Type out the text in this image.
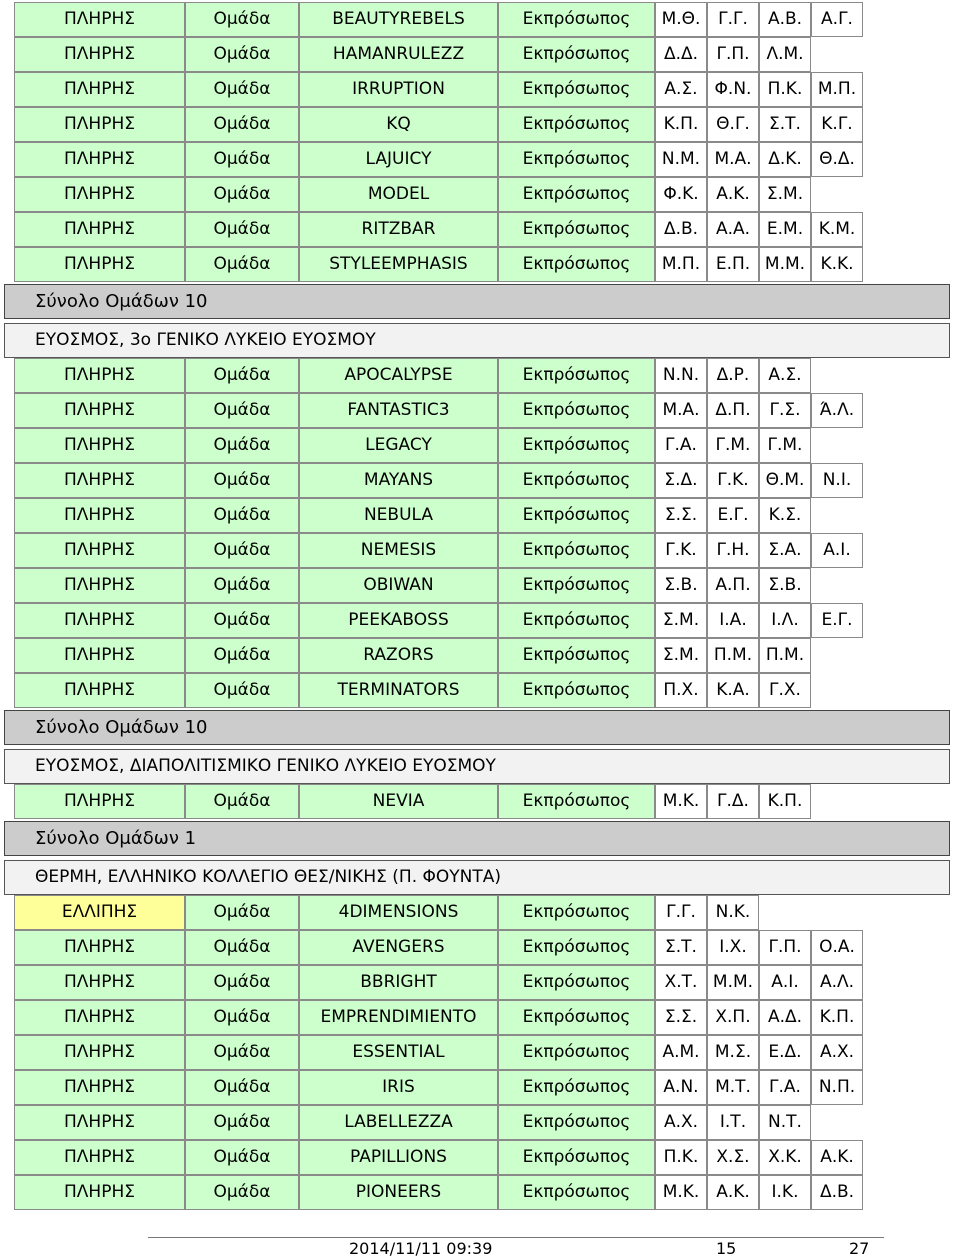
ΠΛΗΡΗΣ	Ομάδα	BEAUTYREBELS	Εκπρόσωπος	Μ.Θ.	Γ.Γ.	Α.Β.	Α.Γ.
ΠΛΗΡΗΣ	Ομάδα	HAMANRULEZZ	Εκπρόσωπος	Δ.Δ.	Γ.Π. Λ.Μ.
ΠΛΗΡΗΣ	Ομάδα	IRRUPTION	Εκπρόσωπος	Α.Σ. Φ.Ν. Π.Κ. Μ.Π.
ΠΛΗΡΗΣ	Ομάδα	KQ	Εκπρόσωπος	Κ.Π.	Θ.Γ.	Σ.Τ.	Κ.Γ.
ΠΛΗΡΗΣ	Ομάδα	LAJUICY	Εκπρόσωπος	Ν.Μ. Μ.Α. Δ.Κ.	Θ.Δ.
ΠΛΗΡΗΣ	Ομάδα	MODEL	Εκπρόσωπος	Φ.Κ.	Α.Κ.	Σ.Μ.
ΠΛΗΡΗΣ	Ομάδα	RITZBAR	Εκπρόσωπος	Δ.Β.	Α.Α. Ε.Μ. Κ.Μ.
ΠΛΗΡΗΣ	Ομάδα	STYLEEMPHASIS	Εκπρόσωπος	Μ.Π. Ε.Π. Μ.Μ. Κ.Κ.
Σύνολο Ομάδων 10
ΕΥΟΣΜΟΣ, 3ο ΓΕΝΙΚΟ ΛΥΚΕΙΟ ΕΥΟΣΜΟΥ
ΠΛΗΡΗΣ	Ομάδα	APOCALYPSE	Εκπρόσωπος	Ν.Ν.	Δ.Ρ.	Α.Σ.
ΠΛΗΡΗΣ	Ομάδα	FANTASTIC3	Εκπρόσωπος	Μ.Α. Δ.Π.	Γ.Σ.	Ά.Λ.
ΠΛΗΡΗΣ	Ομάδα	LEGACY	Εκπρόσωπος	Γ.Α.	Γ.Μ.	Γ.Μ.
ΠΛΗΡΗΣ	Ομάδα	MAYANS	Εκπρόσωπος	Σ.Δ.	Γ.Κ. Θ.Μ.	Ν.Ι.
ΠΛΗΡΗΣ	Ομάδα	NEBULA	Εκπρόσωπος	Σ.Σ.	Ε.Γ.	Κ.Σ.
ΠΛΗΡΗΣ	Ομάδα	NEMESIS	Εκπρόσωπος	Γ.Κ.	Γ.Η.	Σ.Α.	Α.Ι.
ΠΛΗΡΗΣ	Ομάδα	OBIWAN	Εκπρόσωπος	Σ.Β.	Α.Π.	Σ.Β.
ΠΛΗΡΗΣ	Ομάδα	PEEKABOSS	Εκπρόσωπος	Σ.Μ.	Ι.Α.	Ι.Λ.	Ε.Γ.
ΠΛΗΡΗΣ	Ομάδα	RAZORS	Εκπρόσωπος	Σ.Μ. Π.Μ. Π.Μ.
ΠΛΗΡΗΣ	Ομάδα	TERMINATORS	Εκπρόσωπος	Π.Χ.	Κ.Α.	Γ.Χ.
Σύνολο Ομάδων 10
ΕΥΟΣΜΟΣ, ΔΙΑΠΟΛΙΤΙΣΜΙΚΟ ΓΕΝΙΚΟ ΛΥΚΕΙΟ ΕΥΟΣΜΟΥ
ΠΛΗΡΗΣ	Ομάδα	NEVIA	Εκπρόσωπος	Μ.Κ.	Γ.Δ.	Κ.Π.
Σύνολο Ομάδων 1
ΘΕΡΜΗ, ΕΛΛΗΝΙΚΟ ΚΟΛΛΕΓΙΟ ΘΕΣ/ΝΙΚΗΣ (Π. ΦΟΥΝΤΑ)
ΕΛΛΙΠΗΣ	Ομάδα	4DIMENSIONS	Εκπρόσωπος	Γ.Γ.	Ν.Κ.
ΠΛΗΡΗΣ	Ομάδα	AVENGERS	Εκπρόσωπος	Σ.Τ.	Ι.Χ.	Γ.Π.	Ο.Α.
ΠΛΗΡΗΣ	Ομάδα	BBRIGHT	Εκπρόσωπος	Χ.Τ. Μ.Μ.	Α.Ι.	Α.Λ.
ΠΛΗΡΗΣ	Ομάδα	EMPRENDIMIENTO	Εκπρόσωπος	Σ.Σ.	Χ.Π.	Α.Δ.	Κ.Π.
ΠΛΗΡΗΣ	Ομάδα	ESSENTIAL	Εκπρόσωπος	Α.Μ. Μ.Σ.	Ε.Δ.	Α.Χ.
ΠΛΗΡΗΣ	Ομάδα	IRIS	Εκπρόσωπος	Α.Ν. Μ.Τ.	Γ.Α.	Ν.Π.
ΠΛΗΡΗΣ	Ομάδα	LABELLEZZA	Εκπρόσωπος	Α.Χ.	Ι.Τ.	Ν.Τ.
ΠΛΗΡΗΣ	Ομάδα	PAPILLIONS	Εκπρόσωπος	Π.Κ.	Χ.Σ.	Χ.Κ.	Α.Κ.
ΠΛΗΡΗΣ	Ομάδα	PIONEERS	Εκπρόσωπος	Μ.Κ. Α.Κ.	Ι.Κ.	Δ.Β.
2014/11/11 09:39	15	27
